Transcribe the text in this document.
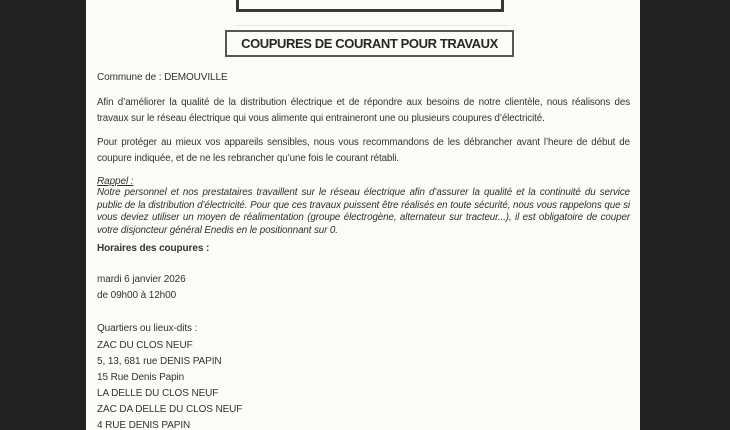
COUPURES DE COURANT POUR TRAVAUX
Commune de : DEMOUVILLE

Afin d’améliorer la qualité de la distribution électrique et de répondre aux besoins de notre clientèle, nous réalisons des travaux sur le réseau électrique qui vous alimente qui entraineront une ou plusieurs coupures d’électricité.

Pour protéger au mieux vos appareils sensibles, nous vous recommandons de les débrancher avant l’heure de début de coupure indiquée, et de ne les rebrancher qu’une fois le courant rétabli.

Rappel :

Notre personnel et nos prestataires travaillent sur le réseau électrique afin d’assurer la qualité et la continuité du service public de la distribution d’électricité. Pour que ces travaux puissent être réalisés en toute sécurité, nous vous rappelons que si vous deviez utiliser un moyen de réalimentation (groupe électrogène, alternateur sur tracteur...), il est obligatoire de couper votre disjoncteur général Enedis en le positionnant sur 0.

Horaires des coupures :
mardi 6 janvier 2026
de 09h00 à 12h00
Quartiers ou lieux-dits :
ZAC DU CLOS NEUF
5, 13, 681 rue DENIS PAPIN
15 Rue Denis Papin
LA DELLE DU CLOS NEUF
ZAC DA DELLE DU CLOS NEUF
4 RUE DENIS PAPIN
